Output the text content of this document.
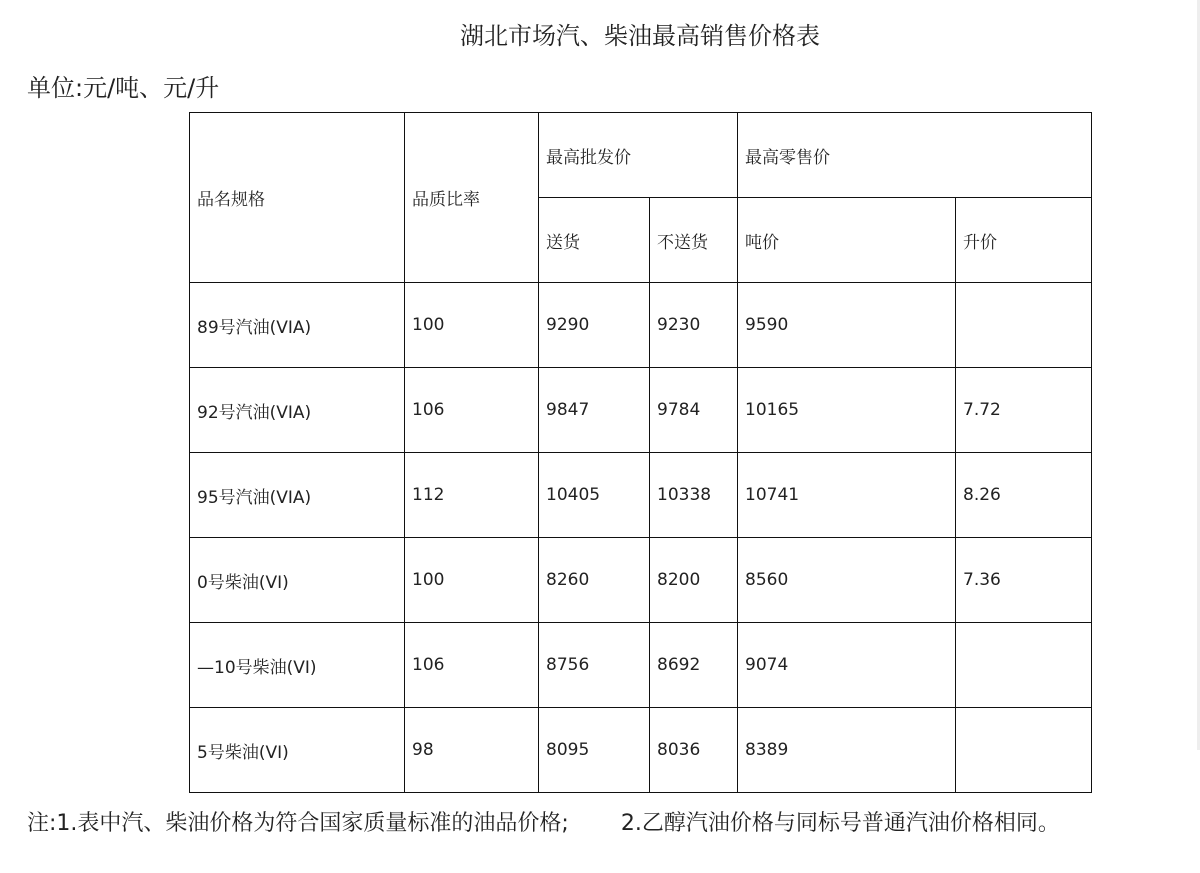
湖北市场汽、柴油最高销售价格表
单位:元/吨、元/升
品名规格	品质比率	最高批发价		最高零售价	
		送货	不送货	吨价	升价
89号汽油(VIA)	100	9290	9230	9590	
92号汽油(VIA)	106	9847	9784	10165	7.72
95号汽油(VIA)	112	10405	10338	10741	8.26
0号柴油(VI)	100	8260	8200	8560	7.36
—10号柴油(VI)	106	8756	8692	9074	
5号柴油(VI)	98	8095	8036	8389	
注:1.表中汽、柴油价格为符合国家质量标准的油品价格; 2.乙醇汽油价格与同标号普通汽油价格相同。
